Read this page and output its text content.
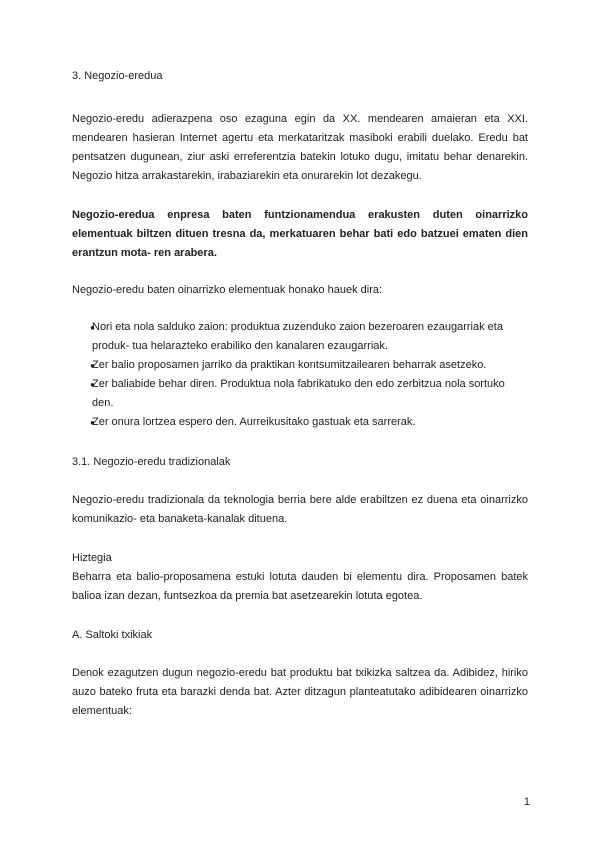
3. Negozio-eredua

Negozio-eredu adierazpena oso ezaguna egin da XX. mendearen amaieran eta XXI. mendearen hasieran Internet agertu eta merkataritzak masiboki erabili duelako. Eredu bat pentsatzen dugunean, ziur aski erreferentzia batekin lotuko dugu, imitatu behar denarekin. Negozio hitza arrakastarekin, irabaziarekin eta onurarekin lot dezakegu.

Negozio-eredua enpresa baten funtzionamendua erakusten duten oinarrizko elementuak biltzen dituen tresna da, merkatuaren behar bati edo batzuei ematen dien erantzun mota- ren arabera.

Negozio-eredu baten oinarrizko elementuak honako hauek dira:

● Nori eta nola salduko zaion: produktua zuzenduko zaion bezeroaren ezaugarriak eta produk- tua helarazteko erabiliko den kanalaren ezaugarriak.
● Zer balio proposamen jarriko da praktikan kontsumitzailearen beharrak asetzeko.
● Zer baliabide behar diren. Produktua nola fabrikatuko den edo zerbitzua nola sortuko den.
● Zer onura lortzea espero den. Aurreikusitako gastuak eta sarrerak.

3.1. Negozio-eredu tradizionalak

Negozio-eredu tradizionala da teknologia berria bere alde erabiltzen ez duena eta oinarrizko komunikazio- eta banaketa-kanalak dituena.

Hiztegia

Beharra eta balio-proposamena estuki lotuta dauden bi elementu dira. Proposamen batek balioa izan dezan, funtsezkoa da premia bat asetzearekin lotuta egotea.

A. Saltoki txikiak

Denok ezagutzen dugun negozio-eredu bat produktu bat txikizka saltzea da. Adibidez, hiriko auzo bateko fruta eta barazki denda bat. Azter ditzagun planteatutako adibidearen oinarrizko elementuak:

1
